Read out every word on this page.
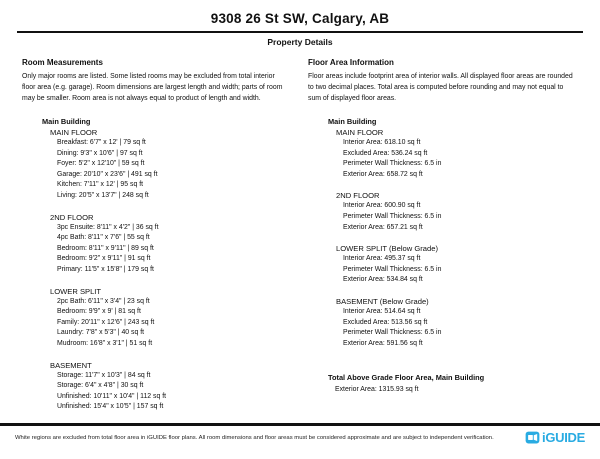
9308 26 St SW, Calgary, AB
Property Details
Room Measurements
Only major rooms are listed. Some listed rooms may be excluded from total interior floor area (e.g. garage). Room dimensions are largest length and width; parts of room may be smaller. Room area is not always equal to product of length and width.
Main Building
MAIN FLOOR
Breakfast: 6'7" x 12' | 79 sq ft
Dining: 9'3" x 10'6" | 97 sq ft
Foyer: 5'2" x 12'10" | 59 sq ft
Garage: 20'10" x 23'6" | 491 sq ft
Kitchen: 7'11" x 12' | 95 sq ft
Living: 20'5" x 13'7" | 248 sq ft
2ND FLOOR
3pc Ensuite: 8'11" x 4'2" | 36 sq ft
4pc Bath: 8'11" x 7'6" | 55 sq ft
Bedroom: 8'11" x 9'11" | 89 sq ft
Bedroom: 9'2" x 9'11" | 91 sq ft
Primary: 11'5" x 15'8" | 179 sq ft
LOWER SPLIT
2pc Bath: 6'11" x 3'4" | 23 sq ft
Bedroom: 9'9" x 9' | 81 sq ft
Family: 20'11" x 12'6" | 243 sq ft
Laundry: 7'8" x 5'3" | 40 sq ft
Mudroom: 16'8" x 3'1" | 51 sq ft
BASEMENT
Storage: 11'7" x 10'3" | 84 sq ft
Storage: 6'4" x 4'8" | 30 sq ft
Unfinished: 10'11" x 10'4" | 112 sq ft
Unfinished: 15'4" x 10'5" | 157 sq ft
Floor Area Information
Floor areas include footprint area of interior walls. All displayed floor areas are rounded to two decimal places. Total area is computed before rounding and may not equal to sum of displayed floor areas.
Main Building
MAIN FLOOR
Interior Area: 618.10 sq ft
Excluded Area: 536.24 sq ft
Perimeter Wall Thickness: 6.5 in
Exterior Area: 658.72 sq ft
2ND FLOOR
Interior Area: 600.90 sq ft
Perimeter Wall Thickness: 6.5 in
Exterior Area: 657.21 sq ft
LOWER SPLIT (Below Grade)
Interior Area: 495.37 sq ft
Perimeter Wall Thickness: 6.5 in
Exterior Area: 534.84 sq ft
BASEMENT (Below Grade)
Interior Area: 514.64 sq ft
Excluded Area: 513.56 sq ft
Perimeter Wall Thickness: 6.5 in
Exterior Area: 591.56 sq ft
Total Above Grade Floor Area, Main Building
Exterior Area: 1315.93 sq ft
White regions are excluded from total floor area in iGUIDE floor plans. All room dimensions and floor areas must be considered approximate and are subject to independent verification.	iGUIDE
